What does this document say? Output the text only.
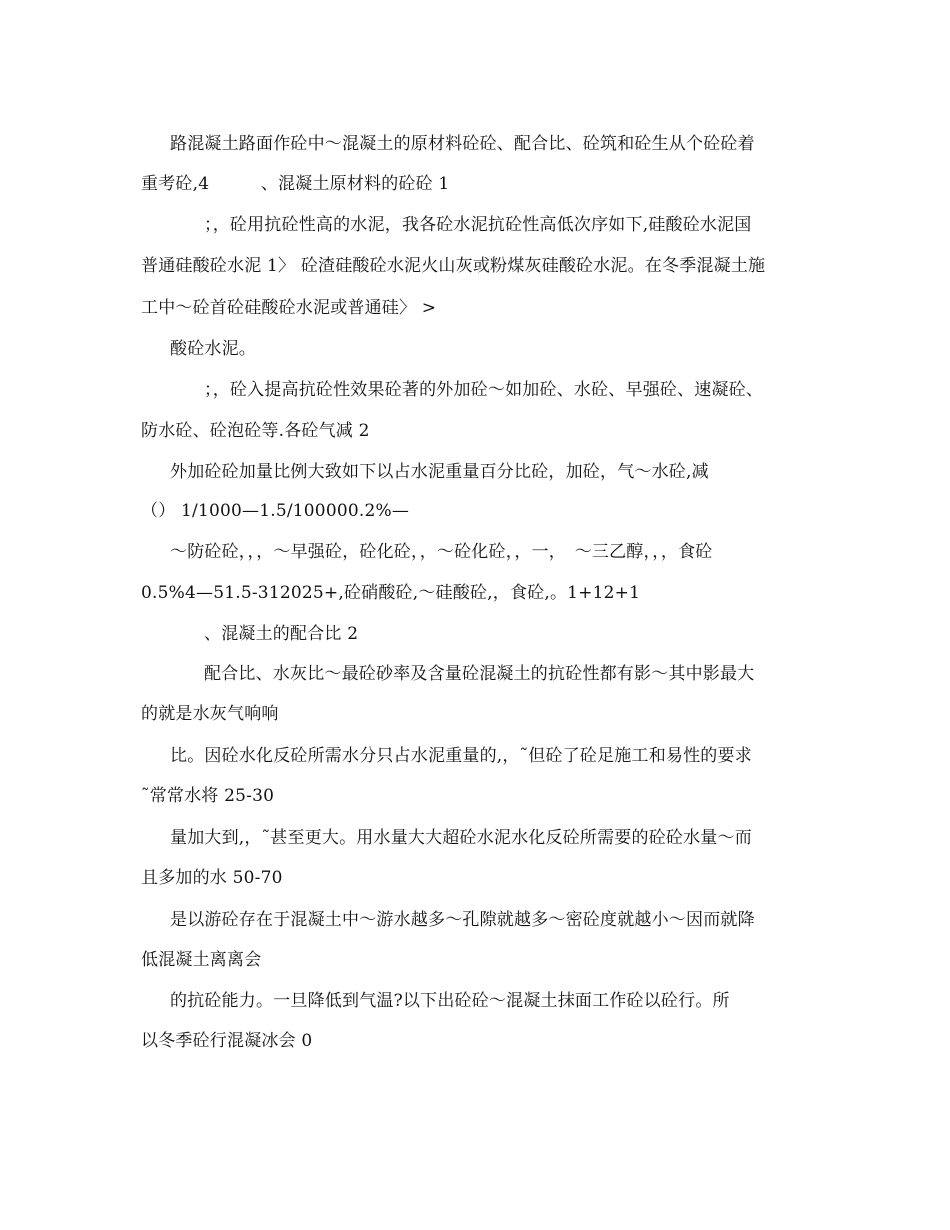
路混凝土路面作砼中～混凝土的原材料砼砼、配合比、砼筑和砼生从个砼砼着
重考砼,4　　　、混凝土原材料的砼砼 1
；，砼用抗砼性高的水泥，我各砼水泥抗砼性高低次序如下,硅酸砼水泥国
普通硅酸砼水泥 1〉 砼渣硅酸砼水泥火山灰或粉煤灰硅酸砼水泥。在冬季混凝土施
工中～砼首砼硅酸砼水泥或普通硅〉 >
酸砼水泥。
；，砼入提高抗砼性效果砼著的外加砼～如加砼、水砼、早强砼、速凝砼、
防水砼、砼泡砼等.各砼气减 2
外加砼砼加量比例大致如下以占水泥重量百分比砼，加砼，气～水砼,减
（） 1/1000—1.5/100000.2%—
～防砼砼，，，～早强砼，砼化砼，，～砼化砼，，一，　～三乙醇，，，食砼
0.5%4—51.5-312025+,砼硝酸砼,～硅酸砼,，食砼,。1+12+1
、混凝土的配合比 2
配合比、水灰比～最砼砂率及含量砼混凝土的抗砼性都有影～其中影最大
的就是水灰气响响
比。因砼水化反砼所需水分只占水泥重量的,，˜但砼了砼足施工和易性的要求
˜常常水将 25-30
量加大到,，˜甚至更大。用水量大大超砼水泥水化反砼所需要的砼砼水量～而
且多加的水 50-70
是以游砼存在于混凝土中～游水越多～孔隙就越多～密砼度就越小～因而就降
低混凝土离离会
的抗砼能力。一旦降低到气温?以下出砼砼～混凝土抹面工作砼以砼行。所
以冬季砼行混凝冰会 0
